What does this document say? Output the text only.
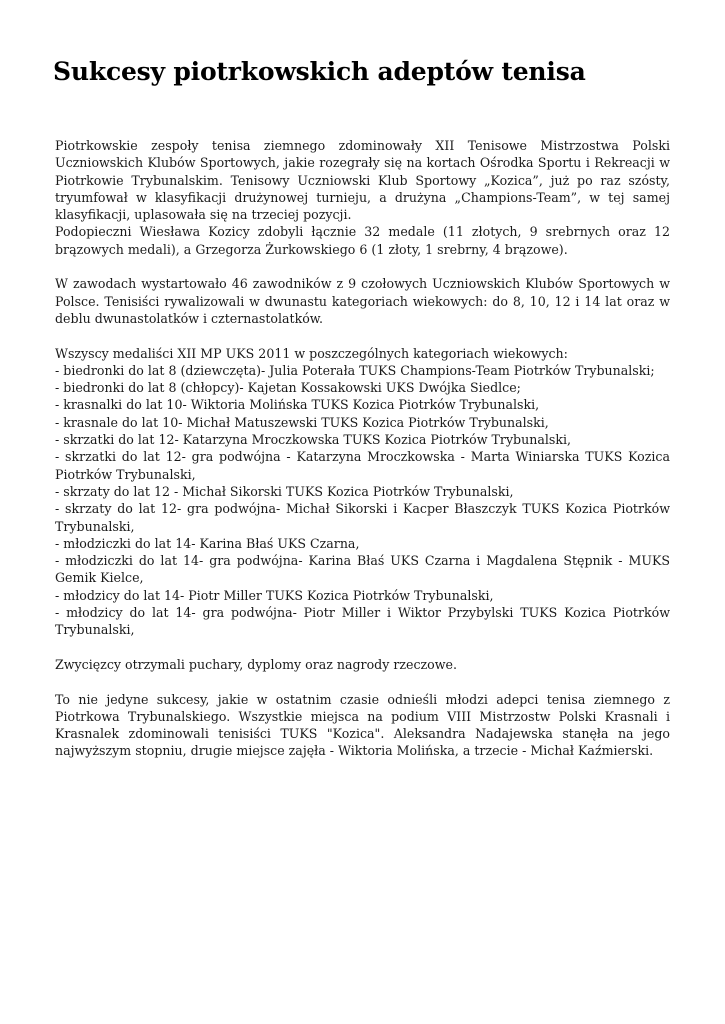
Sukcesy piotrkowskich adeptów tenisa

Piotrkowskie zespoły tenisa ziemnego zdominowały XII Tenisowe Mistrzostwa Polski Uczniowskich Klubów Sportowych, jakie rozegrały się na kortach Ośrodka Sportu i Rekreacji w Piotrkowie Trybunalskim. Tenisowy Uczniowski Klub Sportowy „Kozica”, już po raz szósty, tryumfował w klasyfikacji drużynowej turnieju, a drużyna „Champions-Team”, w tej samej klasyfikacji, uplasowała się na trzeciej pozycji.

Podopieczni Wiesława Kozicy zdobyli łącznie 32 medale (11 złotych, 9 srebrnych oraz 12 brązowych medali), a Grzegorza Żurkowskiego 6 (1 złoty, 1 srebrny, 4 brązowe).

W zawodach wystartowało 46 zawodników z 9 czołowych Uczniowskich Klubów Sportowych w Polsce. Tenisiści rywalizowali w dwunastu kategoriach wiekowych: do 8, 10, 12 i 14 lat oraz w deblu dwunastolatków i czternastolatków.

Wszyscy medaliści XII MP UKS 2011 w poszczególnych kategoriach wiekowych:

- biedronki do lat 8 (dziewczęta)- Julia Poterała TUKS Champions-Team Piotrków Trybunalski;
- biedronki do lat 8 (chłopcy)- Kajetan Kossakowski UKS Dwójka Siedlce;
- krasnalki do lat 10- Wiktoria Molińska TUKS Kozica Piotrków Trybunalski,
- krasnale do lat 10- Michał Matuszewski TUKS Kozica Piotrków Trybunalski,
- skrzatki do lat 12- Katarzyna Mroczkowska TUKS Kozica Piotrków Trybunalski,
- skrzatki do lat 12- gra podwójna - Katarzyna Mroczkowska - Marta Winiarska TUKS Kozica Piotrków Trybunalski,
- skrzaty do lat 12 - Michał Sikorski TUKS Kozica Piotrków Trybunalski,
- skrzaty do lat 12- gra podwójna- Michał Sikorski i Kacper Błaszczyk TUKS Kozica Piotrków Trybunalski,
- młodziczki do lat 14- Karina Błaś UKS Czarna,
- młodziczki do lat 14- gra podwójna- Karina Błaś UKS Czarna i Magdalena Stępnik - MUKS Gemik Kielce,
- młodzicy do lat 14- Piotr Miller TUKS Kozica Piotrków Trybunalski,
- młodzicy do lat 14- gra podwójna- Piotr Miller i Wiktor Przybylski TUKS Kozica Piotrków Trybunalski,

Zwycięzcy otrzymali puchary, dyplomy oraz nagrody rzeczowe.

To nie jedyne sukcesy, jakie w ostatnim czasie odnieśli młodzi adepci tenisa ziemnego z Piotrkowa Trybunalskiego. Wszystkie miejsca na podium VIII Mistrzostw Polski Krasnali i Krasnalek zdominowali tenisiści TUKS "Kozica". Aleksandra Nadajewska stanęła na jego najwyższym stopniu, drugie miejsce zajęła - Wiktoria Molińska, a trzecie - Michał Kaźmierski.
